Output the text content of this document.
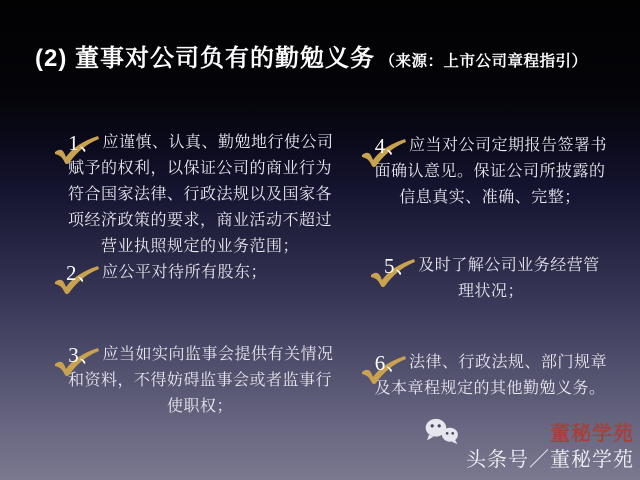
(2) 董事对公司负有的勤勉义务 （来源：上市公司章程指引）
1、 应谨慎、认真、勤勉地行使公司赋予的权利，以保证公司的商业行为符合国家法律、行政法规以及国家各项经济政策的要求，商业活动不超过营业执照规定的业务范围；
2、 应公平对待所有股东；
3、 应当如实向监事会提供有关情况和资料，不得妨碍监事会或者监事行使职权；
4、 应当对公司定期报告签署书面确认意见。保证公司所披露的信息真实、准确、完整；
5、 及时了解公司业务经营管理状况；
6、 法律、行政法规、部门规章及本章程规定的其他勤勉义务。
董秘学苑
头条号／董秘学苑
